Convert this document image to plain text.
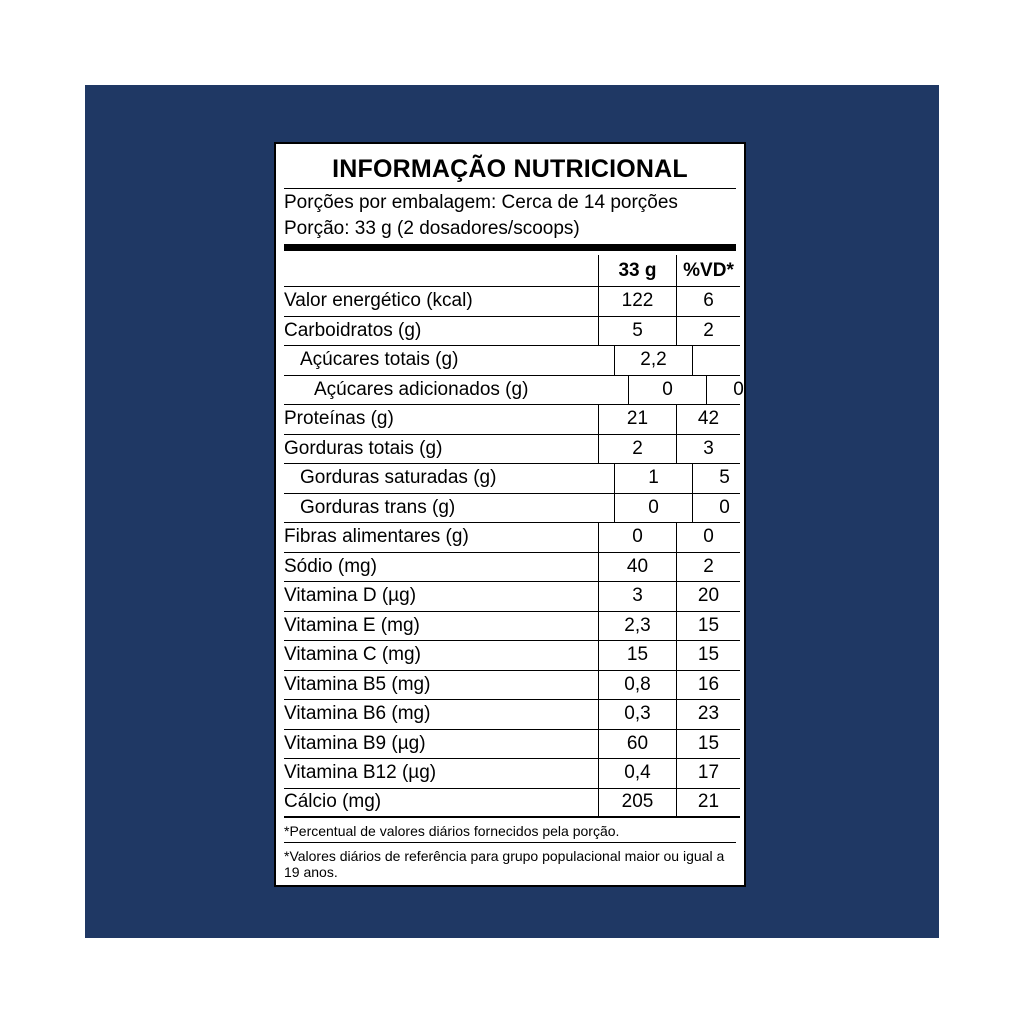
INFORMAÇÃO NUTRICIONAL
Porções por embalagem: Cerca de 14 porções
Porção: 33 g (2 dosadores/scoops)
33 g	%VD*
Valor energético (kcal)	122	6
Carboidratos (g)	5	2
Açúcares totais (g)	2,2
Açúcares adicionados (g)	0	0
Proteínas (g)	21	42
Gorduras totais (g)	2	3
Gorduras saturadas (g)	1	5
Gorduras trans (g)	0	0
Fibras alimentares (g)	0	0
Sódio (mg)	40	2
Vitamina D (µg)	3	20
Vitamina E (mg)	2,3	15
Vitamina C (mg)	15	15
Vitamina B5 (mg)	0,8	16
Vitamina B6 (mg)	0,3	23
Vitamina B9 (µg)	60	15
Vitamina B12 (µg)	0,4	17
Cálcio (mg)	205	21
*Percentual de valores diários fornecidos pela porção.
*Valores diários de referência para grupo populacional maior ou igual a 19 anos.
